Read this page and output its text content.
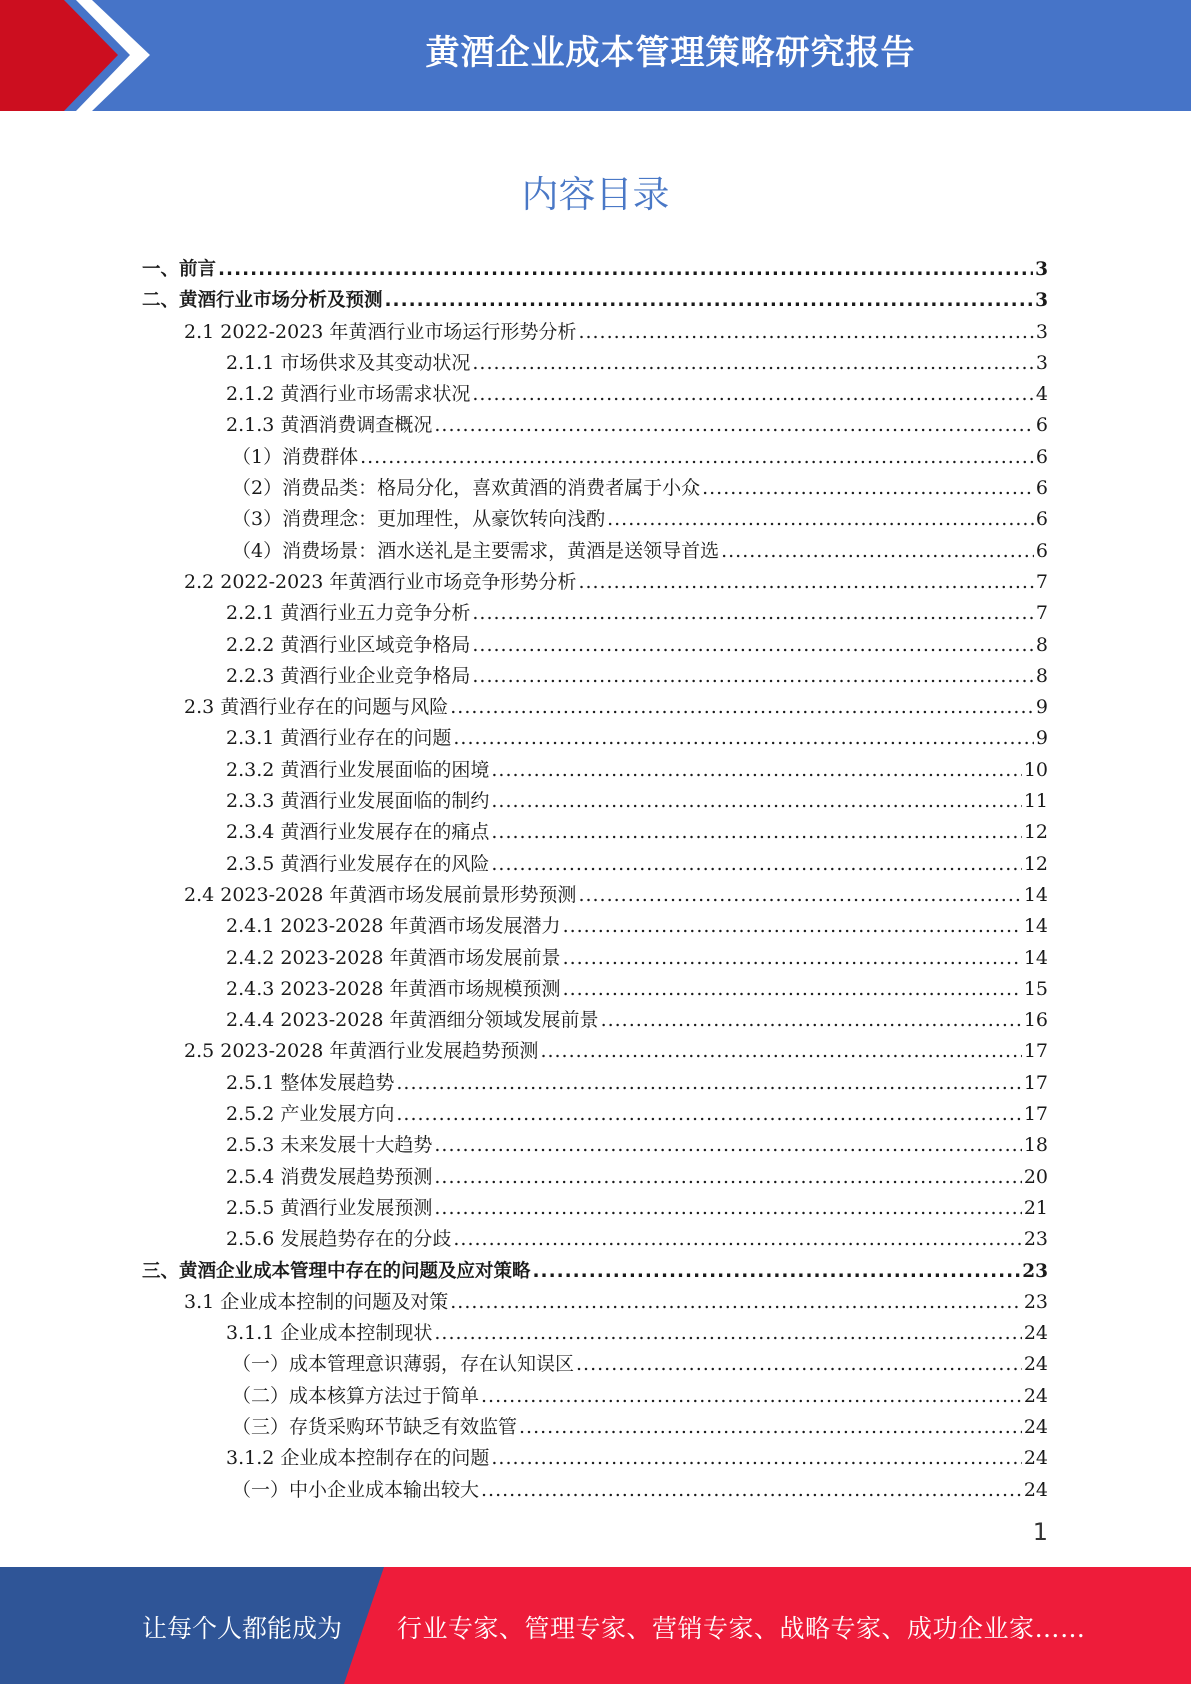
黄酒企业成本管理策略研究报告
内容目录
一、前言 .....	3
二、黄酒行业市场分析及预测 .....	3
2.1 2022-2023 年黄酒行业市场运行形势分析 .....	3
2.1.1 市场供求及其变动状况 .....	3
2.1.2 黄酒行业市场需求状况 .....	4
2.1.3 黄酒消费调查概况 .....	6
（1）消费群体 .....	6
（2）消费品类：格局分化，喜欢黄酒的消费者属于小众 .....	6
（3）消费理念：更加理性，从豪饮转向浅酌 .....	6
（4）消费场景：酒水送礼是主要需求，黄酒是送领导首选 .....	6
2.2 2022-2023 年黄酒行业市场竞争形势分析 .....	7
2.2.1 黄酒行业五力竞争分析 .....	7
2.2.2 黄酒行业区域竞争格局 .....	8
2.2.3 黄酒行业企业竞争格局 .....	8
2.3 黄酒行业存在的问题与风险 .....	9
2.3.1 黄酒行业存在的问题 .....	9
2.3.2 黄酒行业发展面临的困境 .....	10
2.3.3 黄酒行业发展面临的制约 .....	11
2.3.4 黄酒行业发展存在的痛点 .....	12
2.3.5 黄酒行业发展存在的风险 .....	12
2.4 2023-2028 年黄酒市场发展前景形势预测 .....	14
2.4.1 2023-2028 年黄酒市场发展潜力 .....	14
2.4.2 2023-2028 年黄酒市场发展前景 .....	14
2.4.3 2023-2028 年黄酒市场规模预测 .....	15
2.4.4 2023-2028 年黄酒细分领域发展前景 .....	16
2.5 2023-2028 年黄酒行业发展趋势预测 .....	17
2.5.1 整体发展趋势 .....	17
2.5.2 产业发展方向 .....	17
2.5.3 未来发展十大趋势 .....	18
2.5.4 消费发展趋势预测 .....	20
2.5.5 黄酒行业发展预测 .....	21
2.5.6 发展趋势存在的分歧 .....	23
三、黄酒企业成本管理中存在的问题及应对策略 .....	23
3.1 企业成本控制的问题及对策 .....	23
3.1.1 企业成本控制现状 .....	24
（一）成本管理意识薄弱，存在认知误区 .....	24
（二）成本核算方法过于简单 .....	24
（三）存货采购环节缺乏有效监管 .....	24
3.1.2 企业成本控制存在的问题 .....	24
（一）中小企业成本输出较大 .....	24
1
让每个人都能成为 行业专家、管理专家、营销专家、战略专家、成功企业家……
